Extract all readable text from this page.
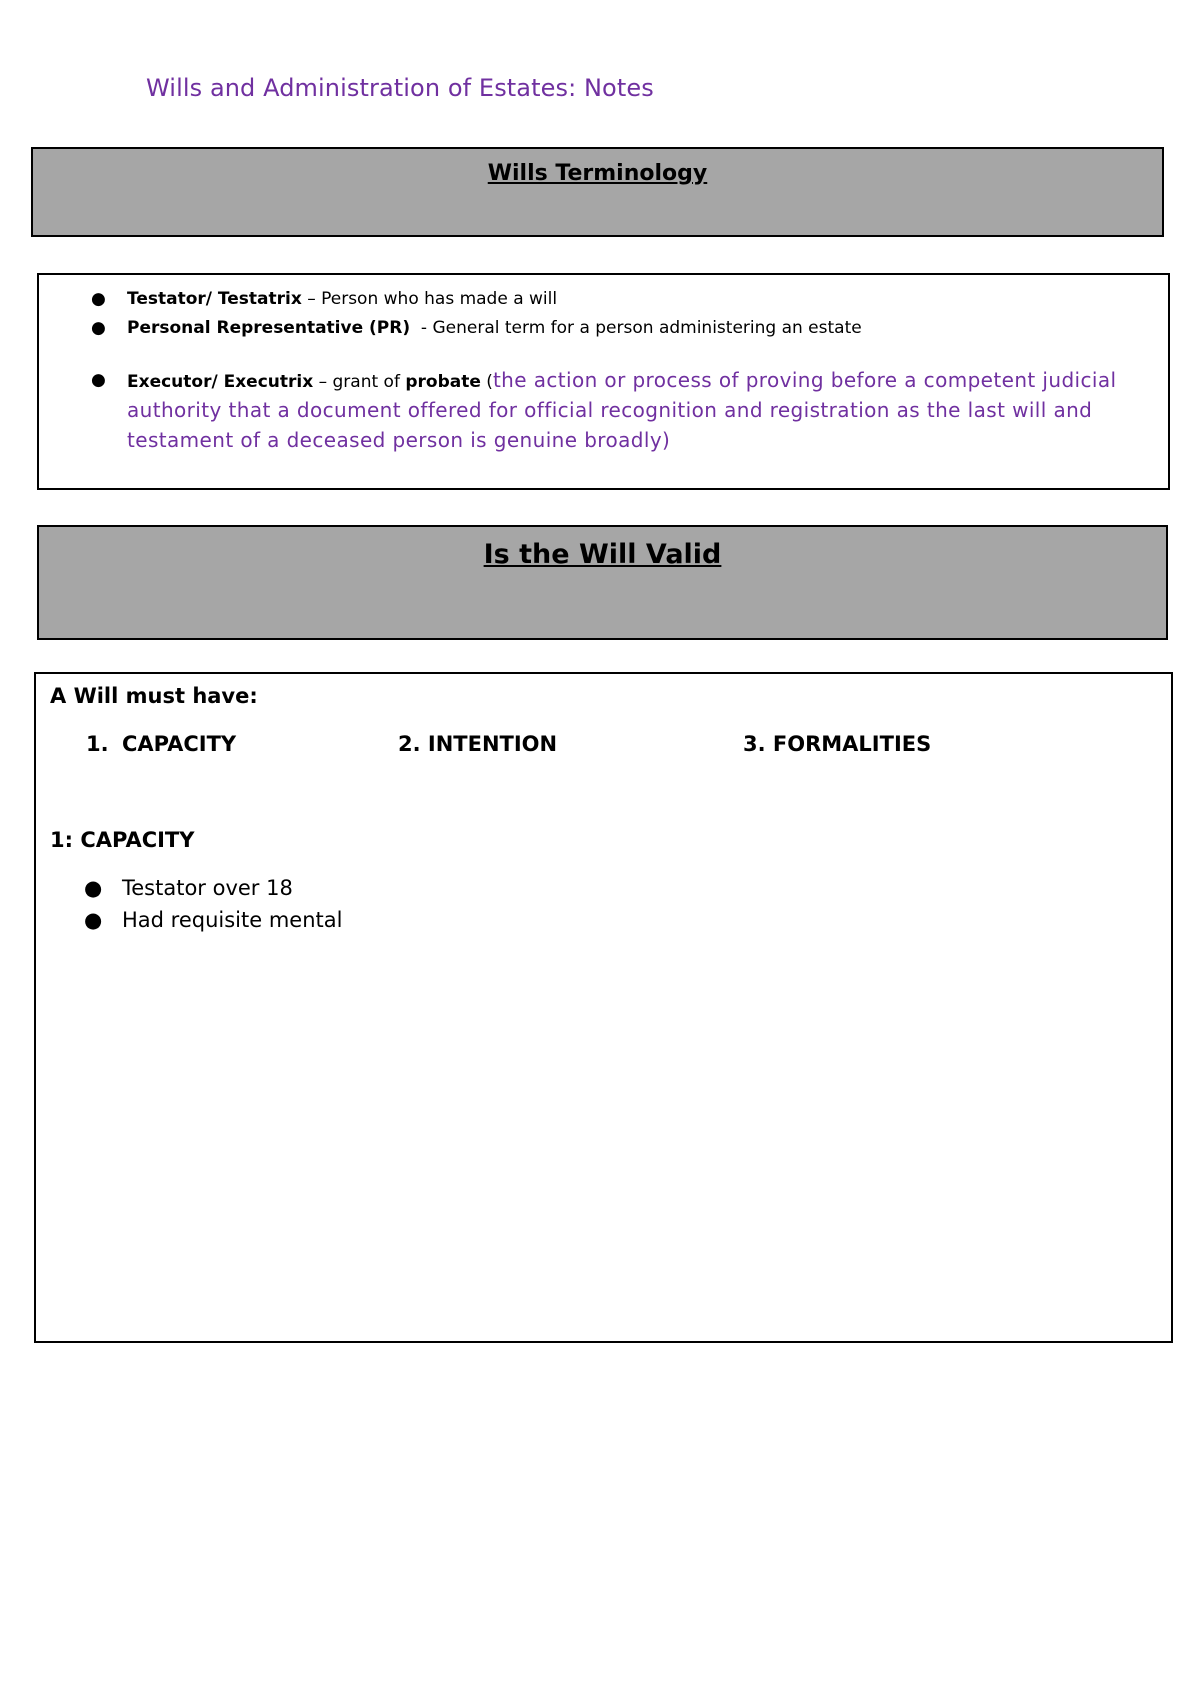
Wills and Administration of Estates: Notes
Wills Terminology
● Testator/ Testatrix – Person who has made a will
● Personal Representative (PR)  - General term for a person administering an estate
● Executor/ Executrix – grant of probate (the action or process of proving before a competent judicial authority that a document offered for official recognition and registration as the last will and testament of a deceased person is genuine broadly)
Is the Will Valid
A Will must have:
1. CAPACITY	2. INTENTION	3. FORMALITIES
1: CAPACITY
● Testator over 18
● Had requisite mental
